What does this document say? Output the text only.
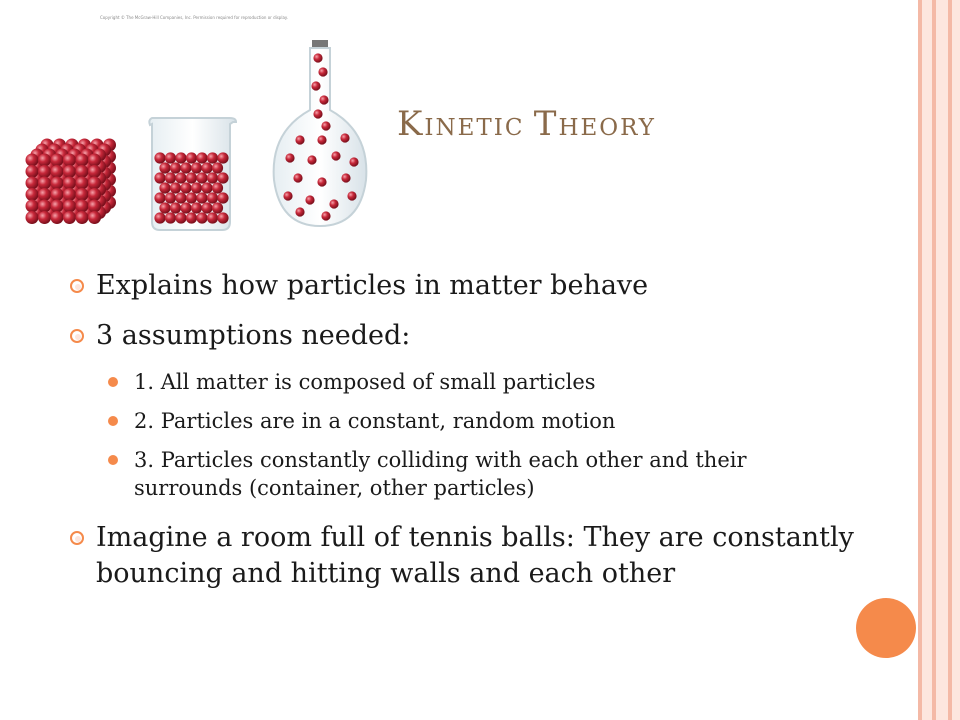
Copyright © The McGraw-Hill Companies, Inc. Permission required for reproduction or display.
KINETIC THEORY
Explains how particles in matter behave
3 assumptions needed:
1. All matter is composed of small particles
2. Particles are in a constant, random motion
3. Particles constantly colliding with each other and their surrounds (container, other particles)
Imagine a room full of tennis balls: They are constantly bouncing and hitting walls and each other
